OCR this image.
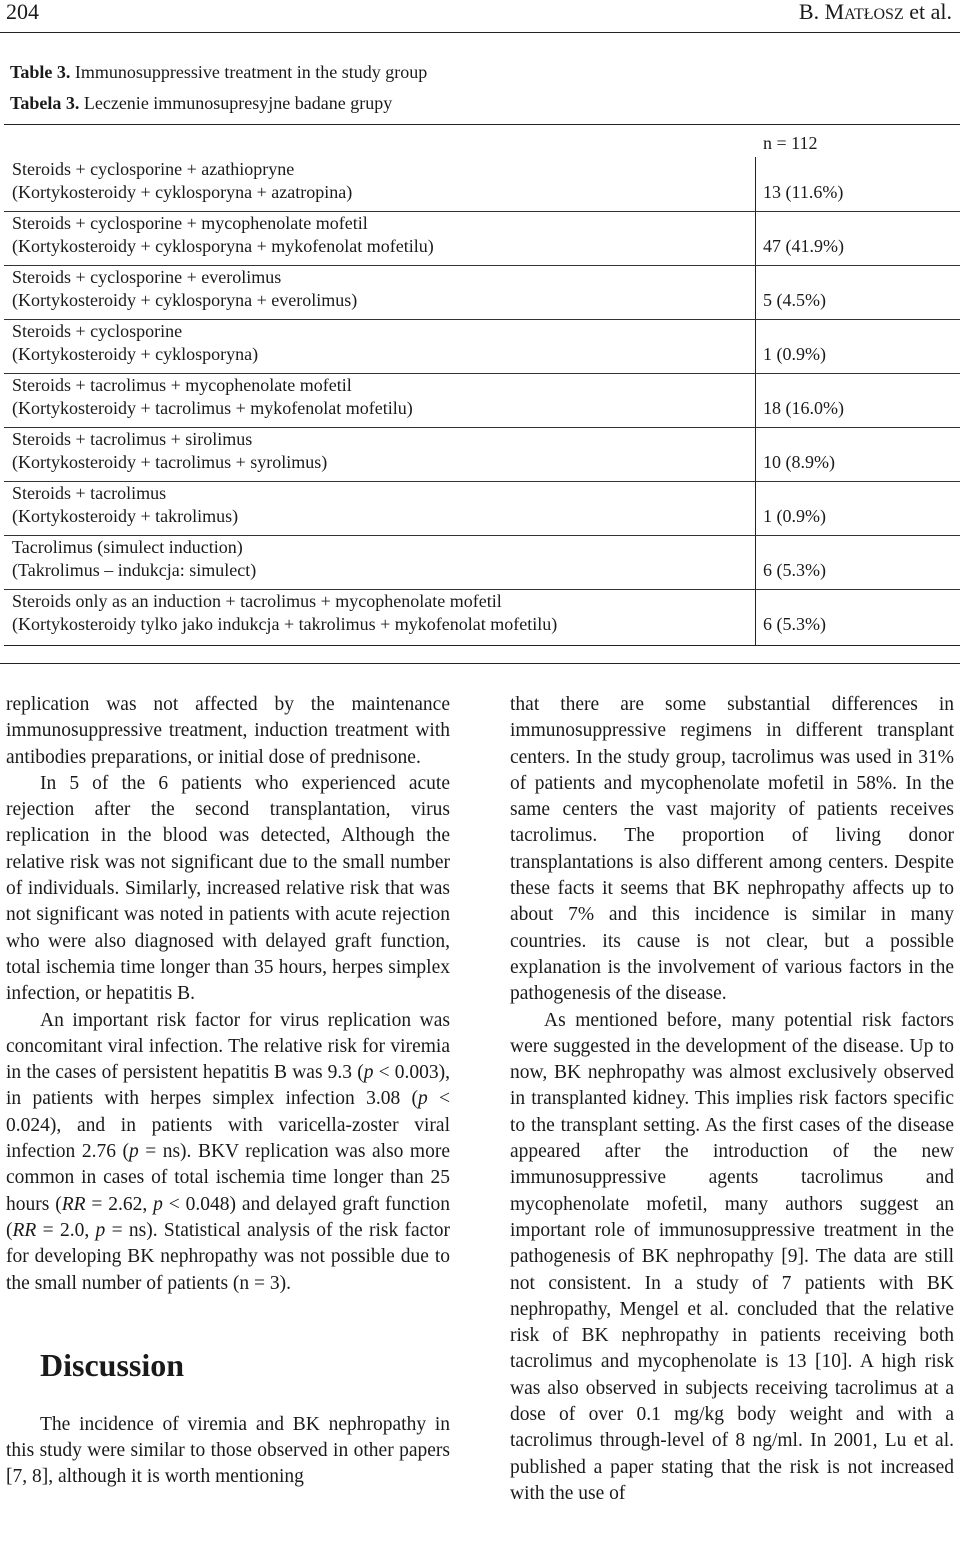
204	B. MATŁOSZ et al.
Table 3. Immunosuppressive treatment in the study group
Tabela 3. Leczenie immunosupresyjne badane grupy
n = 112
Steroids + cyclosporine + azathiopryne
(Kortykosteroidy + cyklosporyna + azatropina)	13 (11.6%)
Steroids + cyclosporine + mycophenolate mofetil
(Kortykosteroidy + cyklosporyna + mykofenolat mofetilu)	47 (41.9%)
Steroids + cyclosporine + everolimus
(Kortykosteroidy + cyklosporyna + everolimus)	5 (4.5%)
Steroids + cyclosporine
(Kortykosteroidy + cyklosporyna)	1 (0.9%)
Steroids + tacrolimus + mycophenolate mofetil
(Kortykosteroidy + tacrolimus + mykofenolat mofetilu)	18 (16.0%)
Steroids + tacrolimus + sirolimus
(Kortykosteroidy + tacrolimus + syrolimus)	10 (8.9%)
Steroids + tacrolimus
(Kortykosteroidy + takrolimus)	1 (0.9%)
Tacrolimus (simulect induction)
(Takrolimus – indukcja: simulect)	6 (5.3%)
Steroids only as an induction + tacrolimus + mycophenolate mofetil
(Kortykosteroidy tylko jako indukcja + takrolimus + mykofenolat mofetilu)	6 (5.3%)

replication was not affected by the maintenance immunosuppressive treatment, induction treatment with antibodies preparations, or initial dose of prednisone.

In 5 of the 6 patients who experienced acute rejection after the second transplantation, virus replication in the blood was detected, Although the relative risk was not significant due to the small number of individuals. Similarly, increased relative risk that was not significant was noted in patients with acute rejection who were also diagnosed with delayed graft function, total ischemia time longer than 35 hours, herpes simplex infection, or hepatitis B.

An important risk factor for virus replication was concomitant viral infection. The relative risk for viremia in the cases of persistent hepatitis B was 9.3 (p < 0.003), in patients with herpes simplex infection 3.08 (p < 0.024), and in patients with varicella-zoster viral infection 2.76 (p = ns). BKV replication was also more common in cases of total ischemia time longer than 25 hours (RR = 2.62, p < 0.048) and delayed graft function (RR = 2.0, p = ns). Statistical analysis of the risk factor for developing BK nephropathy was not possible due to the small number of patients (n = 3).

Discussion

The incidence of viremia and BK nephropathy in this study were similar to those observed in other papers [7, 8], although it is worth mentioning

that there are some substantial differences in immunosuppressive regimens in different transplant centers. In the study group, tacrolimus was used in 31% of patients and mycophenolate mofetil in 58%. In the same centers the vast majority of patients receives tacrolimus. The proportion of living donor transplantations is also different among centers. Despite these facts it seems that BK nephropathy affects up to about 7% and this incidence is similar in many countries. its cause is not clear, but a possible explanation is the involvement of various factors in the pathogenesis of the disease.

As mentioned before, many potential risk factors were suggested in the development of the disease. Up to now, BK nephropathy was almost exclusively observed in transplanted kidney. This implies risk factors specific to the transplant setting. As the first cases of the disease appeared after the introduction of the new immunosuppressive agents tacrolimus and mycophenolate mofetil, many authors suggest an important role of immunosuppressive treatment in the pathogenesis of BK nephropathy [9]. The data are still not consistent. In a study of 7 patients with BK nephropathy, Mengel et al. concluded that the relative risk of BK nephropathy in patients receiving both tacrolimus and mycophenolate is 13 [10]. A high risk was also observed in subjects receiving tacrolimus at a dose of over 0.1 mg/kg body weight and with a tacrolimus through-level of 8 ng/ml. In 2001, Lu et al. published a paper stating that the risk is not increased with the use of
